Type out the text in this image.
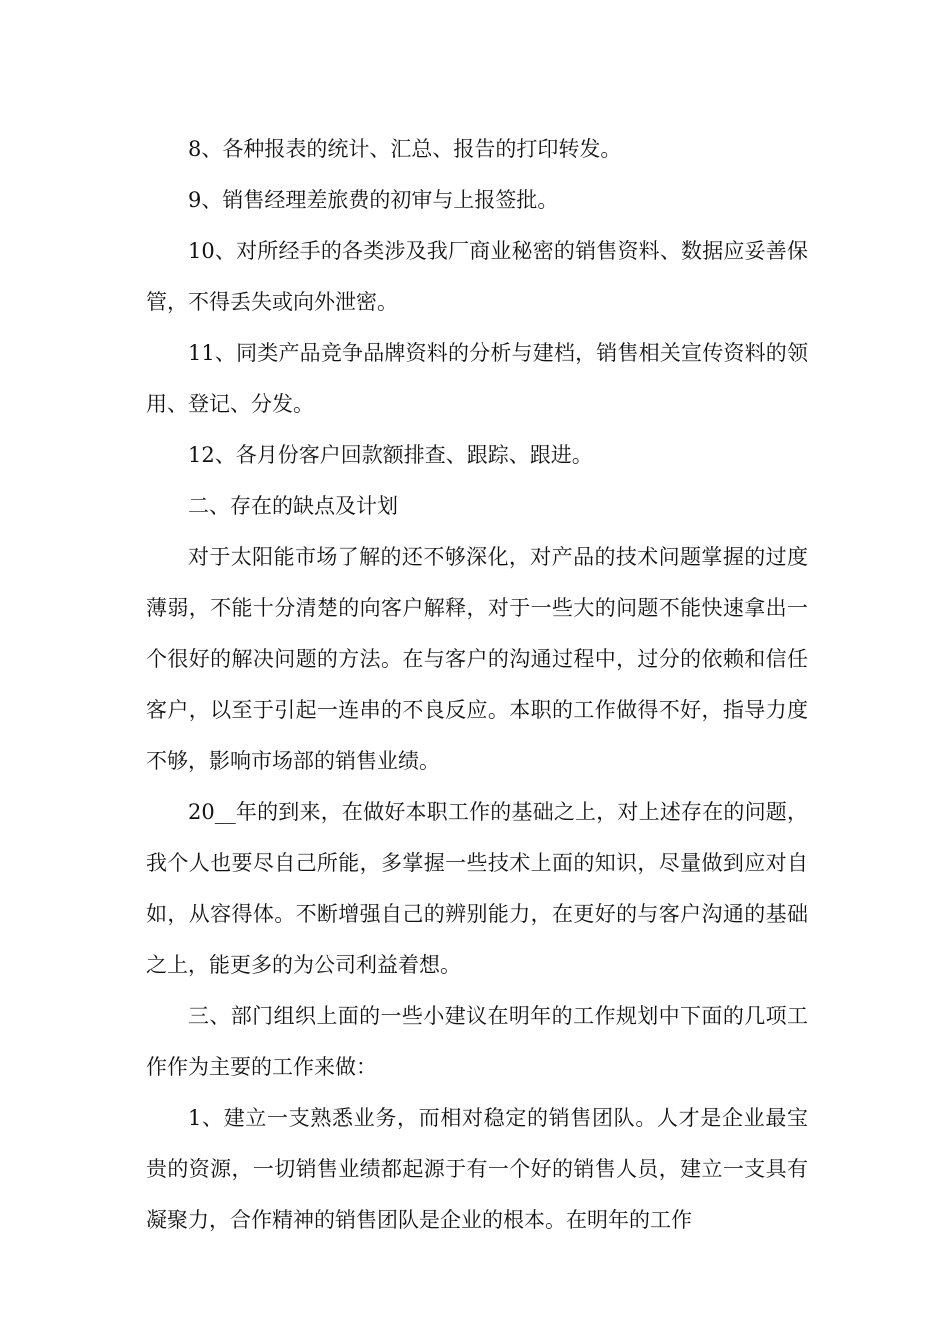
8、各种报表的统计、汇总、报告的打印转发。

9、销售经理差旅费的初审与上报签批。

10、对所经手的各类涉及我厂商业秘密的销售资料、数据应妥善保管，不得丢失或向外泄密。

11、同类产品竞争品牌资料的分析与建档，销售相关宣传资料的领用、登记、分发。

12、各月份客户回款额排查、跟踪、跟进。

二、存在的缺点及计划

对于太阳能市场了解的还不够深化，对产品的技术问题掌握的过度薄弱，不能十分清楚的向客户解释，对于一些大的问题不能快速拿出一个很好的解决问题的方法。在与客户的沟通过程中，过分的依赖和信任客户，以至于引起一连串的不良反应。本职的工作做得不好，指导力度不够，影响市场部的销售业绩。

20__年的到来，在做好本职工作的基础之上，对上述存在的问题，我个人也要尽自己所能，多掌握一些技术上面的知识，尽量做到应对自如，从容得体。不断增强自己的辨别能力，在更好的与客户沟通的基础之上，能更多的为公司利益着想。

三、部门组织上面的一些小建议在明年的工作规划中下面的几项工作作为主要的工作来做：

1、建立一支熟悉业务，而相对稳定的销售团队。人才是企业最宝贵的资源，一切销售业绩都起源于有一个好的销售人员，建立一支具有凝聚力，合作精神的销售团队是企业的根本。在明年的工作
